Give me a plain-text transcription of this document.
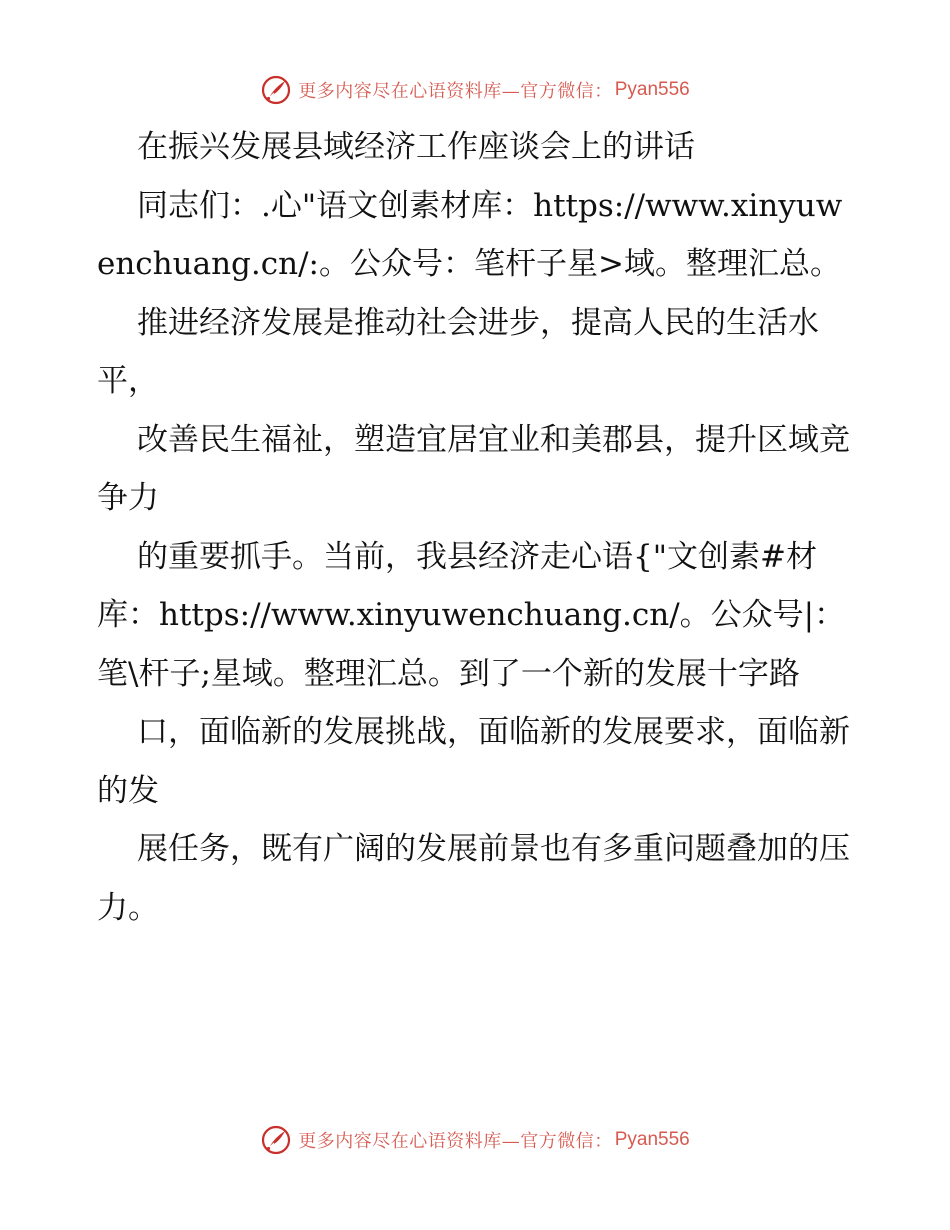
更多内容尽在心语资料库—官方微信： Pyan556

在振兴发展县域经济工作座谈会上的讲话

同志们：.心"语文创素材库：https://www.xinyuwenchuang.cn/:。公众号：笔杆子星>域。整理汇总。

推进经济发展是推动社会进步，提高人民的生活水平，

改善民生福祉，塑造宜居宜业和美郡县，提升区域竞争力

的重要抓手。当前，我县经济走心语{"文创素#材库：https://www.xinyuwenchuang.cn/。公众号|：笔\杆子;星域。整理汇总。到了一个新的发展十字路

口，面临新的发展挑战，面临新的发展要求，面临新的发

展任务，既有广阔的发展前景也有多重问题叠加的压力。

更多内容尽在心语资料库—官方微信： Pyan556
